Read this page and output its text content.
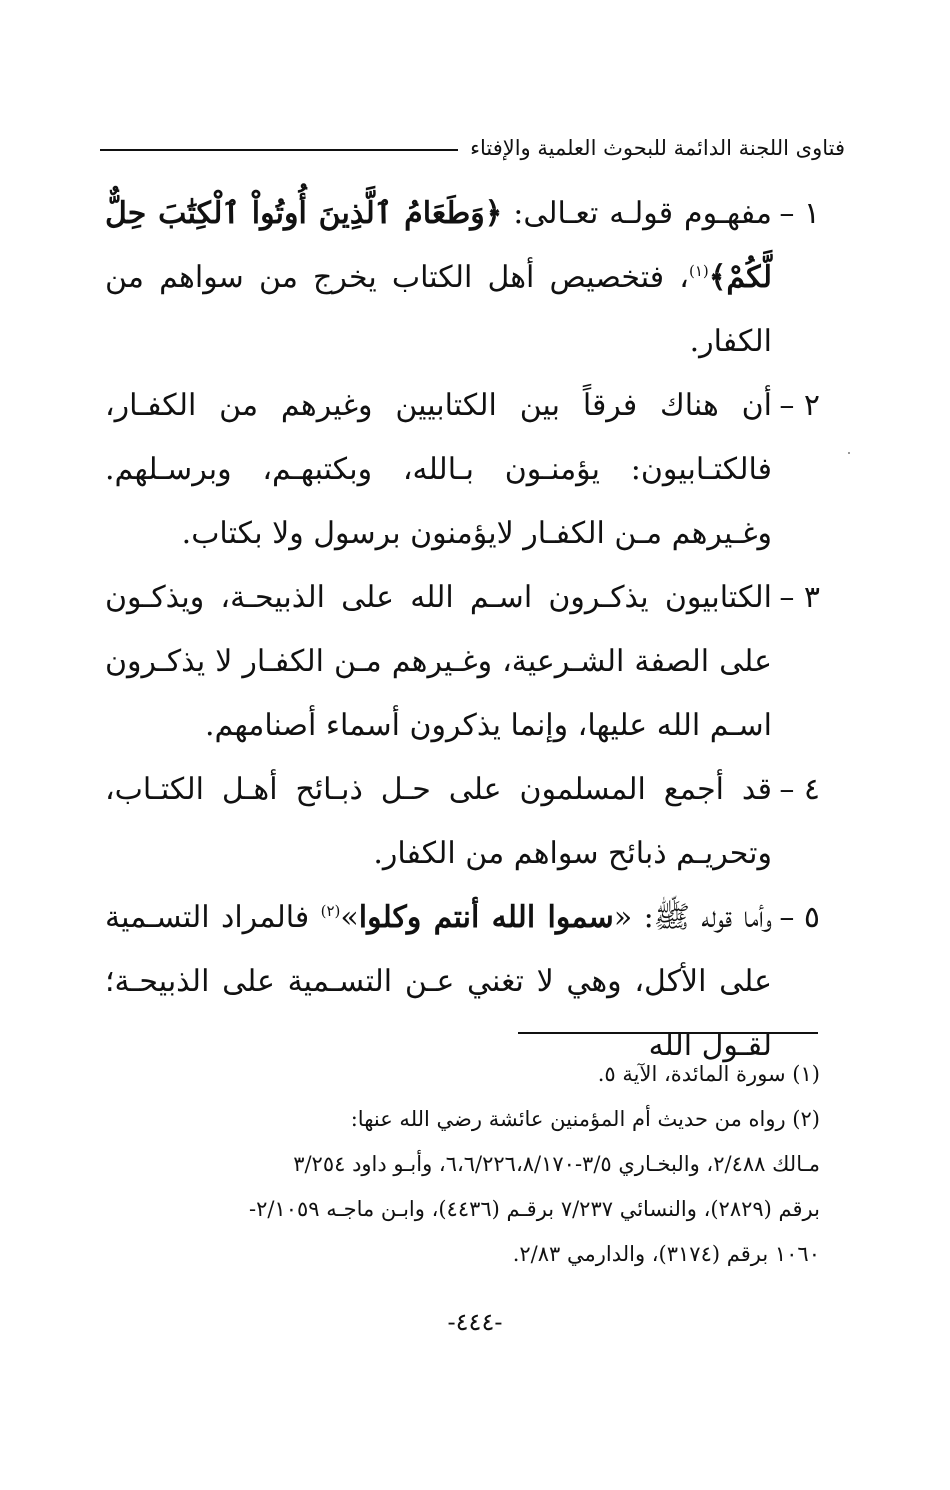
فتاوى اللجنة الدائمة للبحوث العلمية والإفتاء
١ –
مفهـوم قولـه تعـالى: ﴿وَطَعَامُ ٱلَّذِينَ أُوتُواْ ٱلْكِتَٰبَ حِلٌّ لَّكُمْ﴾$^{(١)}$، فتخصيص أهل الكتاب يخرج من سواهم من الكفار.
٢ –
أن هناك فرقاً بين الكتابيين وغيرهم من الكفـار، فالكتـابيون: يؤمنـون بـالله، وبكتبهـم، وبرسـلهم. وغـيرهم مـن الكفـار لايؤمنون برسول ولا بكتاب.
٣ –
الكتابيون يذكـرون اسـم الله على الذبيحـة، ويذكـون على الصفة الشـرعية، وغـيرهم مـن الكفـار لا يذكـرون اسـم الله عليها، وإنما يذكرون أسماء أصنامهم.
٤ –
قد أجمع المسلمون على حـل ذبـائح أهـل الكتـاب، وتحريـم ذبائح سواهم من الكفار.
٥ –
وأما قوله ﷺ: «سموا الله أنتم وكلوا»$^{(٢)}$ فالمراد التسـمية على الأكل، وهي لا تغني عـن التسـمية على الذبيحـة؛ لقـول الله

(١) سورة المائدة، الآية ٥.

(٢) رواه من حديث أم المؤمنين عائشة رضي الله عنها:

مـالك ٢/٤٨٨، والبخـاري ٣/٥-٦،٦/٢٢٦،٨/١٧٠، وأبـو داود ٣/٢٥٤

برقم (٢٨٢٩)، والنسائي ٧/٢٣٧ برقـم (٤٤٣٦)، وابـن ماجـه ٢/١٠٥٩-

١٠٦٠ برقم (٣١٧٤)، والدارمي ٢/٨٣.

-٤٤٤-
